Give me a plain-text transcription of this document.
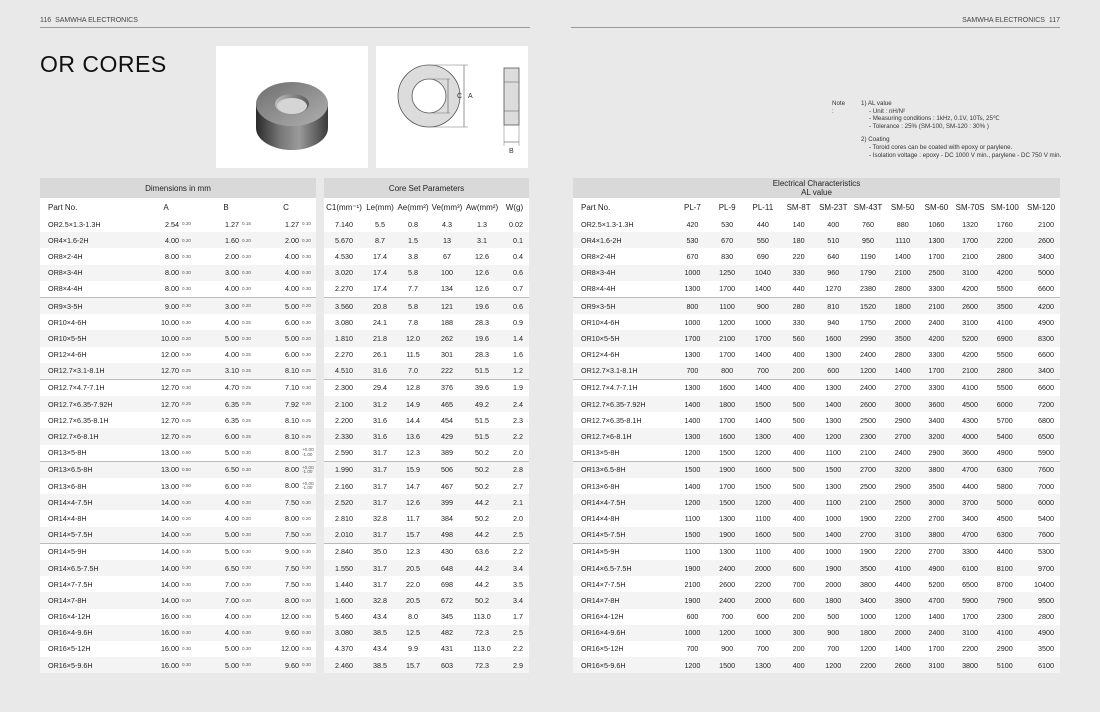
116 SAMWHA ELECTRONICS	SAMWHA ELECTRONICS 117
OR CORES
C A
B
Note :
1) AL value
- Unit : nH/N²
- Measuring conditions : 1kHz, 0.1V, 10Ts, 25℃
- Tolerance : 25% (SM-100, SM-120 : 30% )
2) Coating
- Toroid cores can be coated with epoxy or parylene.
- Isolation voltage : epoxy - DC 1000 V min., parylene - DC 750 V min.
Dimensions in mm			
Part No.	A	B	C
OR2.5×1.3-1.3H	2.54 0.20	1.27 0.15	1.27 0.10
OR4×1.6-2H	4.00 0.20	1.60 0.20	2.00 0.20
OR8×2-4H	8.00 0.30	2.00 0.20	4.00 0.30
OR8×3-4H	8.00 0.30	3.00 0.30	4.00 0.30
OR8×4-4H	8.00 0.30	4.00 0.30	4.00 0.30
OR9×3-5H	9.00 0.30	3.00 0.20	5.00 0.20
OR10×4-6H	10.00 0.30	4.00 0.25	6.00 0.30
OR10×5-5H	10.00 0.20	5.00 0.30	5.00 0.20
OR12×4-6H	12.00 0.30	4.00 0.25	6.00 0.30
OR12.7×3.1-8.1H	12.70 0.25	3.10 0.25	8.10 0.25
OR12.7×4.7-7.1H	12.70 0.30	4.70 0.25	7.10 0.30
OR12.7×6.35-7.92H	12.70 0.25	6.35 0.25	7.92 0.20
OR12.7×6.35-8.1H	12.70 0.25	6.35 0.25	8.10 0.25
OR12.7×6-8.1H	12.70 0.25	6.00 0.25	8.10 0.25
OR13×5-8H	13.00 0.50	5.00 0.30	8.00 +0.00
-1.00

OR13×6.5-8H	13.00 0.50	6.50 0.30	8.00 +0.00
-1.00

OR13×6-8H	13.00 0.50	6.00 0.30	8.00 +0.00
-1.00

OR14×4-7.5H	14.00 0.30	4.00 0.30	7.50 0.30
OR14×4-8H	14.00 0.20	4.00 0.20	8.00 0.20
OR14×5-7.5H	14.00 0.30	5.00 0.30	7.50 0.30
OR14×5-9H	14.00 0.30	5.00 0.30	9.00 0.30
OR14×6.5-7.5H	14.00 0.30	6.50 0.30	7.50 0.30
OR14×7-7.5H	14.00 0.30	7.00 0.30	7.50 0.30
OR14×7-8H	14.00 0.20	7.00 0.20	8.00 0.20
OR16×4-12H	16.00 0.30	4.00 0.30	12.00 0.30
OR16×4-9.6H	16.00 0.30	4.00 0.30	9.60 0.30
OR16×5-12H	16.00 0.30	5.00 0.30	12.00 0.30
OR16×5-9.6H	16.00 0.30	5.00 0.30	9.60 0.30
Core Set Parameters					
C1(mm⁻¹)	Le(mm)	Ae(mm²)	Ve(mm³)	Aw(mm²)	W(g)
7.140	5.5	0.8	4.3	1.3	0.02
5.670	8.7	1.5	13	3.1	0.1
4.530	17.4	3.8	67	12.6	0.4
3.020	17.4	5.8	100	12.6	0.6
2.270	17.4	7.7	134	12.6	0.7
3.560	20.8	5.8	121	19.6	0.6
3.080	24.1	7.8	188	28.3	0.9
1.810	21.8	12.0	262	19.6	1.4
2.270	26.1	11.5	301	28.3	1.6
4.510	31.6	7.0	222	51.5	1.2
2.300	29.4	12.8	376	39.6	1.9
2.100	31.2	14.9	465	49.2	2.4
2.200	31.6	14.4	454	51.5	2.3
2.330	31.6	13.6	429	51.5	2.2
2.590	31.7	12.3	389	50.2	2.0
1.990	31.7	15.9	506	50.2	2.8
2.160	31.7	14.7	467	50.2	2.7
2.520	31.7	12.6	399	44.2	2.1
2.810	32.8	11.7	384	50.2	2.0
2.010	31.7	15.7	498	44.2	2.5
2.840	35.0	12.3	430	63.6	2.2
1.550	31.7	20.5	648	44.2	3.4
1.440	31.7	22.0	698	44.2	3.5
1.600	32.8	20.5	672	50.2	3.4
5.460	43.4	8.0	345	113.0	1.7
3.080	38.5	12.5	482	72.3	2.5
4.370	43.4	9.9	431	113.0	2.2
2.460	38.5	15.7	603	72.3	2.9
Electrical Characteristics
AL value											

Part No.	PL-7	PL-9	PL-11	SM-8T	SM-23T	SM-43T	SM-50	SM-60	SM-70S	SM-100	SM-120
OR2.5×1.3-1.3H	420	530	440	140	400	760	880	1060	1320	1760	2100
OR4×1.6-2H	530	670	550	180	510	950	1110	1300	1700	2200	2600
OR8×2-4H	670	830	690	220	640	1190	1400	1700	2100	2800	3400
OR8×3-4H	1000	1250	1040	330	960	1790	2100	2500	3100	4200	5000
OR8×4-4H	1300	1700	1400	440	1270	2380	2800	3300	4200	5500	6600
OR9×3-5H	800	1100	900	280	810	1520	1800	2100	2600	3500	4200
OR10×4-6H	1000	1200	1000	330	940	1750	2000	2400	3100	4100	4900
OR10×5-5H	1700	2100	1700	560	1600	2990	3500	4200	5200	6900	8300
OR12×4-6H	1300	1700	1400	400	1300	2400	2800	3300	4200	5500	6600
OR12.7×3.1-8.1H	700	800	700	200	600	1200	1400	1700	2100	2800	3400
OR12.7×4.7-7.1H	1300	1600	1400	400	1300	2400	2700	3300	4100	5500	6600
OR12.7×6.35-7.92H	1400	1800	1500	500	1400	2600	3000	3600	4500	6000	7200
OR12.7×6.35-8.1H	1400	1700	1400	500	1300	2500	2900	3400	4300	5700	6800
OR12.7×6-8.1H	1300	1600	1300	400	1200	2300	2700	3200	4000	5400	6500
OR13×5-8H	1200	1500	1200	400	1100	2100	2400	2900	3600	4900	5900
OR13×6.5-8H	1500	1900	1600	500	1500	2700	3200	3800	4700	6300	7600
OR13×6-8H	1400	1700	1500	500	1300	2500	2900	3500	4400	5800	7000
OR14×4-7.5H	1200	1500	1200	400	1100	2100	2500	3000	3700	5000	6000
OR14×4-8H	1100	1300	1100	400	1000	1900	2200	2700	3400	4500	5400
OR14×5-7.5H	1500	1900	1600	500	1400	2700	3100	3800	4700	6300	7600
OR14×5-9H	1100	1300	1100	400	1000	1900	2200	2700	3300	4400	5300
OR14×6.5-7.5H	1900	2400	2000	600	1900	3500	4100	4900	6100	8100	9700
OR14×7-7.5H	2100	2600	2200	700	2000	3800	4400	5200	6500	8700	10400
OR14×7-8H	1900	2400	2000	600	1800	3400	3900	4700	5900	7900	9500
OR16×4-12H	600	700	600	200	500	1000	1200	1400	1700	2300	2800
OR16×4-9.6H	1000	1200	1000	300	900	1800	2000	2400	3100	4100	4900
OR16×5-12H	700	900	700	200	700	1200	1400	1700	2200	2900	3500
OR16×5-9.6H	1200	1500	1300	400	1200	2200	2600	3100	3800	5100	6100
